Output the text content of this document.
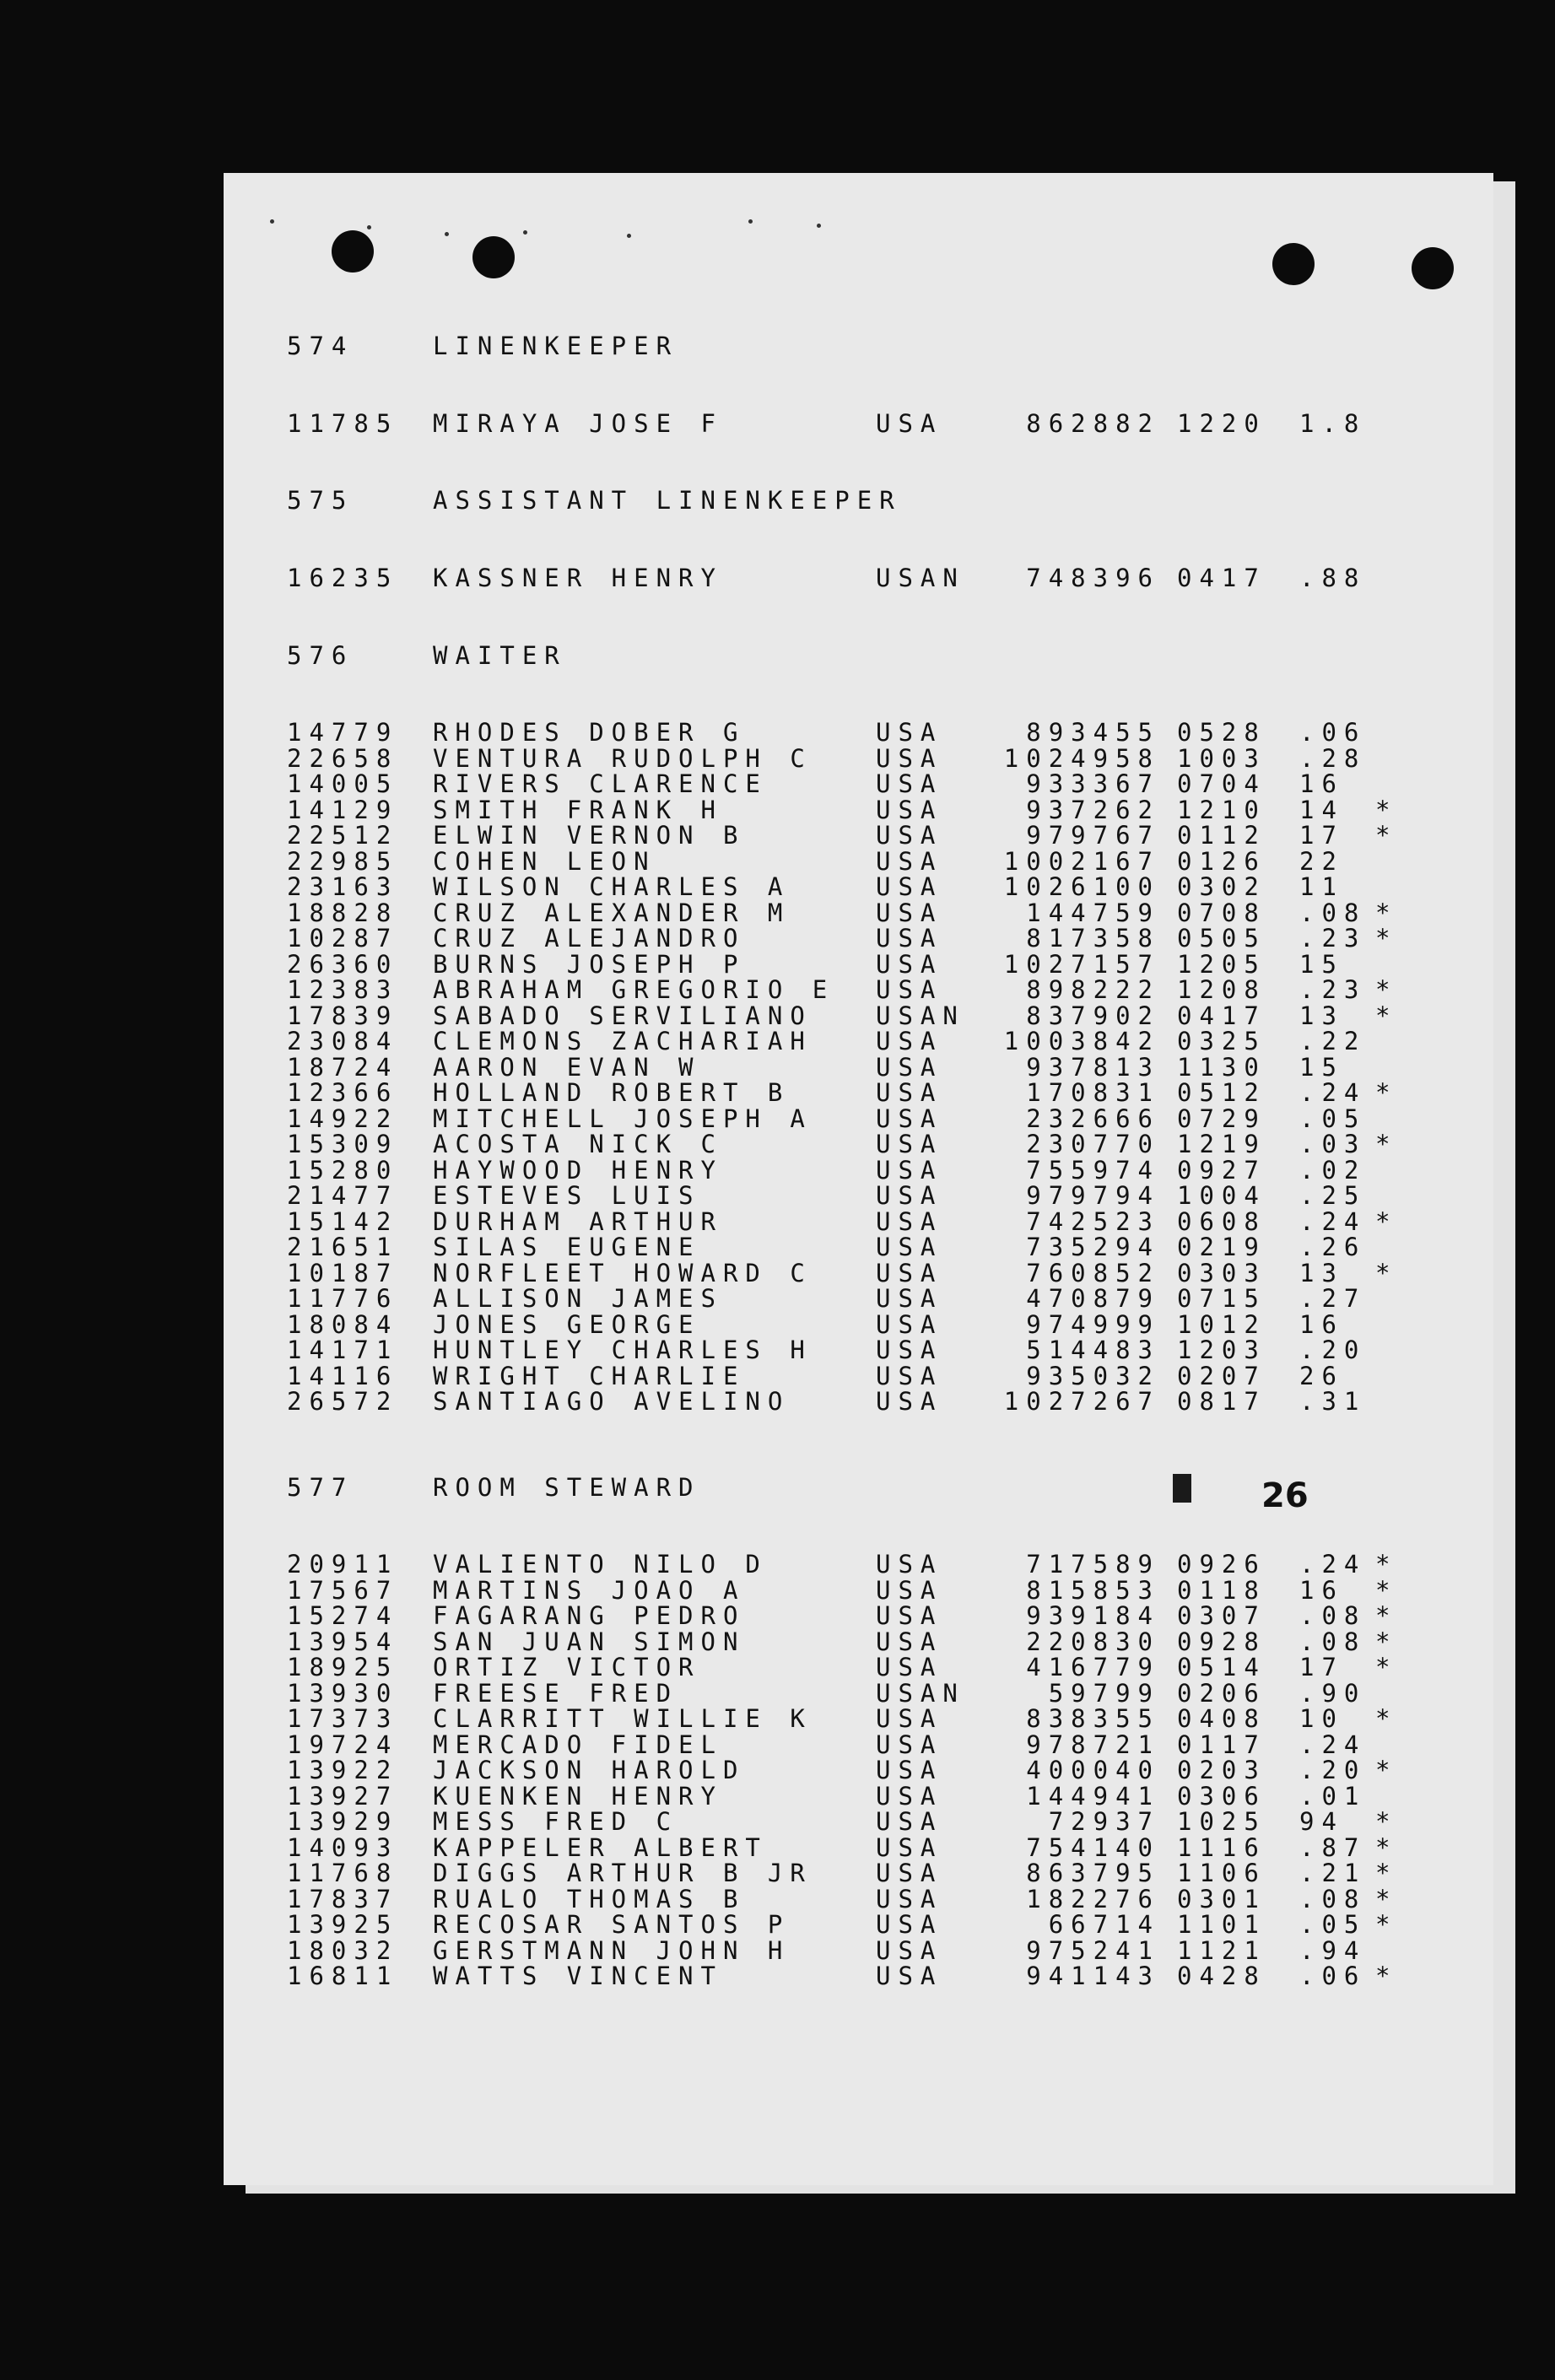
574	LINENKEEPER
11785 MIRAYA JOSE F	USA	862882 1220 1.8
575	ASSISTANT LINENKEEPER
16235 KASSNER HENRY	USAN	748396 0417 .88
576	WAITER
14779 RHODES DOBER G	USA	893455 0528 .06
22658 VENTURA RUDOLPH C	USA	1024958 1003 .28
14005 RIVERS CLARENCE	USA	933367 0704 16
14129 SMITH FRANK H	USA	937262 1210 14 *
22512 ELWIN VERNON B	USA	979767 0112 17 *
22985 COHEN LEON	USA	1002167 0126 22
23163 WILSON CHARLES A	USA	1026100 0302 11
18828 CRUZ ALEXANDER M	USA	144759 0708 .08 *
10287 CRUZ ALEJANDRO	USA	817358 0505 .23 *
26360 BURNS JOSEPH P	USA	1027157 1205 15
12383 ABRAHAM GREGORIO E USA	898222 1208 .23 *
17839 SABADO SERVILIANO	USAN	837902 0417 13 *
23084 CLEMONS ZACHARIAH	USA	1003842 0325 .22
18724 AARON EVAN W	USA	937813 1130 15
12366 HOLLAND ROBERT B	USA	170831 0512 .24 *
14922 MITCHELL JOSEPH A	USA	232666 0729 .05
15309 ACOSTA NICK C	USA	230770 1219 .03 *
15280 HAYWOOD HENRY	USA	755974 0927 .02
21477 ESTEVES LUIS	USA	979794 1004 .25
15142 DURHAM ARTHUR	USA	742523 0608 .24 *
21651 SILAS EUGENE	USA	735294 0219 .26
10187 NORFLEET HOWARD C	USA	760852 0303 13 *
11776 ALLISON JAMES	USA	470879 0715 .27
18084 JONES GEORGE	USA	974999 1012 16
14171 HUNTLEY CHARLES H	USA	514483 1203 .20
14116 WRIGHT CHARLIE	USA	935032 0207 26
26572 SANTIAGO AVELINO	USA	1027267 0817 .31
577	ROOM STEWARD
20911 VALIENTO NILO D	USA	717589 0926 .24 *
17567 MARTINS JOAO A	USA	815853 0118 16 *
15274 FAGARANG PEDRO	USA	939184 0307 .08 *
13954 SAN JUAN SIMON	USA	220830 0928 .08 *
18925 ORTIZ VICTOR	USA	416779 0514 17 *
13930 FREESE FRED	USAN	59799 0206 .90
17373 CLARRITT WILLIE K	USA	838355 0408 10 *
19724 MERCADO FIDEL	USA	978721 0117 .24
13922 JACKSON HAROLD	USA	400040 0203 .20 *
13927 KUENKEN HENRY	USA	144941 0306 .01
13929 MESS FRED C	USA	72937 1025 94 *
14093 KAPPELER ALBERT	USA	754140 1116 .87 *
11768 DIGGS ARTHUR B JR	USA	863795 1106 .21 *
17837 RUALO THOMAS B	USA	182276 0301 .08 *
13925 RECOSAR SANTOS P	USA	66714 1101 .05 *
18032 GERSTMANN JOHN H	USA	975241 1121 .94
16811 WATTS VINCENT	USA	941143 0428 .06 *
26
